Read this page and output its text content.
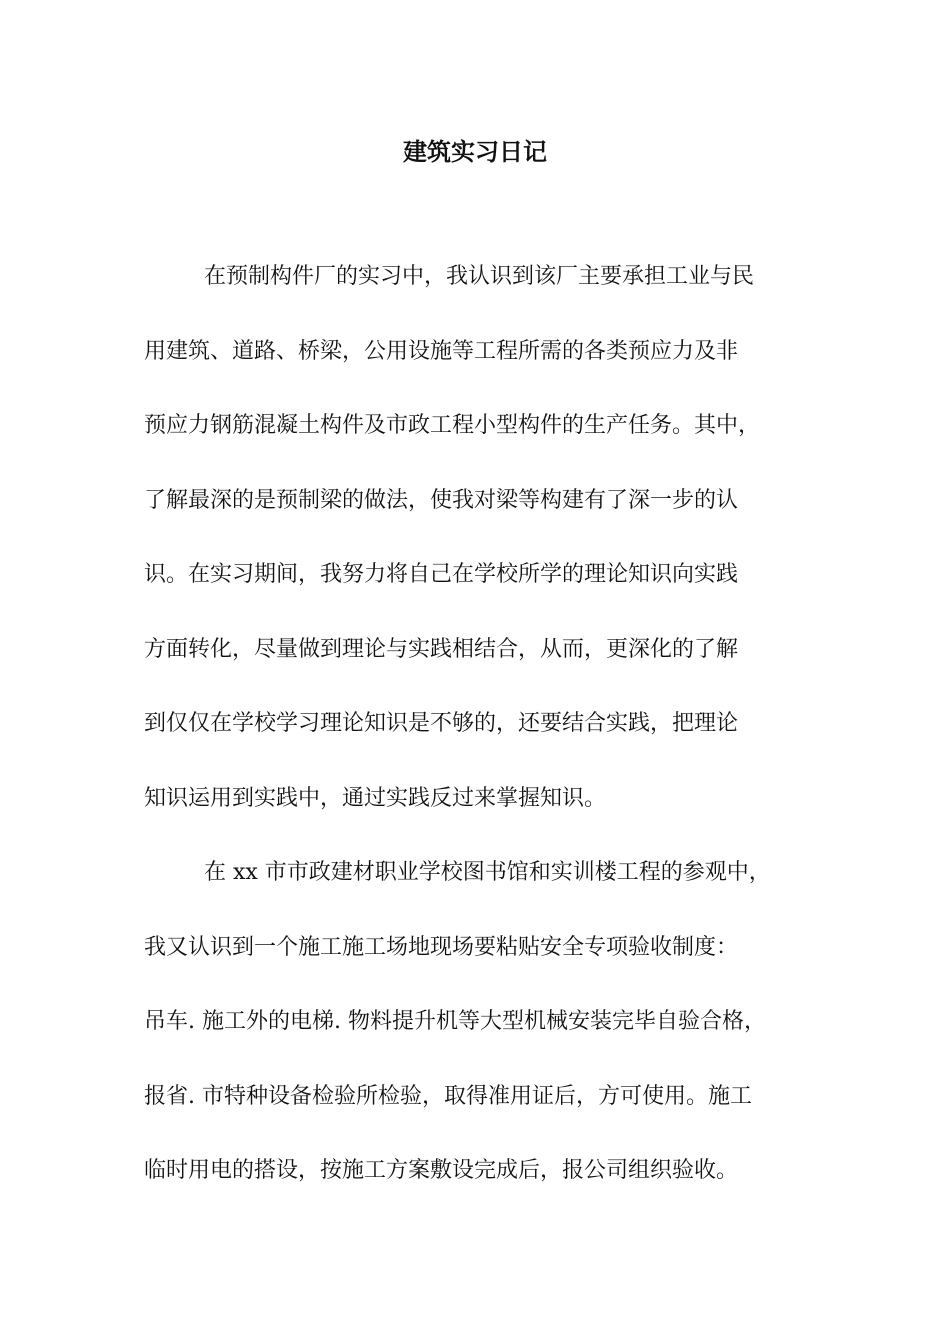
建筑实习日记

在预制构件厂的实习中，我认识到该厂主要承担工业与民

用建筑、道路、桥梁，公用设施等工程所需的各类预应力及非

预应力钢筋混凝土构件及市政工程小型构件的生产任务。其中，

了解最深的是预制梁的做法，使我对梁等构建有了深一步的认

识。在实习期间，我努力将自己在学校所学的理论知识向实践

方面转化，尽量做到理论与实践相结合，从而，更深化的了解

到仅仅在学校学习理论知识是不够的，还要结合实践，把理论

知识运用到实践中，通过实践反过来掌握知识。

在 xx 市市政建材职业学校图书馆和实训楼工程的参观中，

我又认识到一个施工施工场地现场要粘贴安全专项验收制度：

吊车. 施工外的电梯. 物料提升机等大型机械安装完毕自验合格，

报省. 市特种设备检验所检验，取得准用证后，方可使用。施工

临时用电的搭设，按施工方案敷设完成后，报公司组织验收。
